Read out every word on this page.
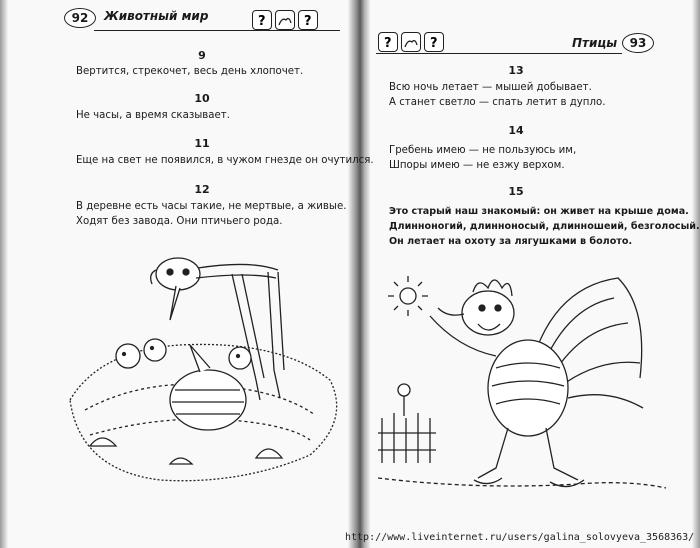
92	Животный мир	?	?
?	?	Птицы	93
9
Вертится, стрекочет, весь день хлопочет.
10
Не часы, а время сказывает.
11
Еще на свет не появился, в чужом гнезде он очутился.
12
В деревне есть часы такие, не мертвые, а живые.
Ходят без завода. Они птичьего рода.
13
Всю ночь летает — мышей добывает.
А станет светло — спать летит в дупло.
14
Гребень имею — не пользуюсь им,
Шпоры имею — не езжу верхом.
15
Это старый наш знакомый: он живет на крыше дома.
Длинноногий, длинноносый, длинношеий, безголосый.
Он летает на охоту за лягушками в болото.
http://www.liveinternet.ru/users/galina_solovyeva_3568363/
